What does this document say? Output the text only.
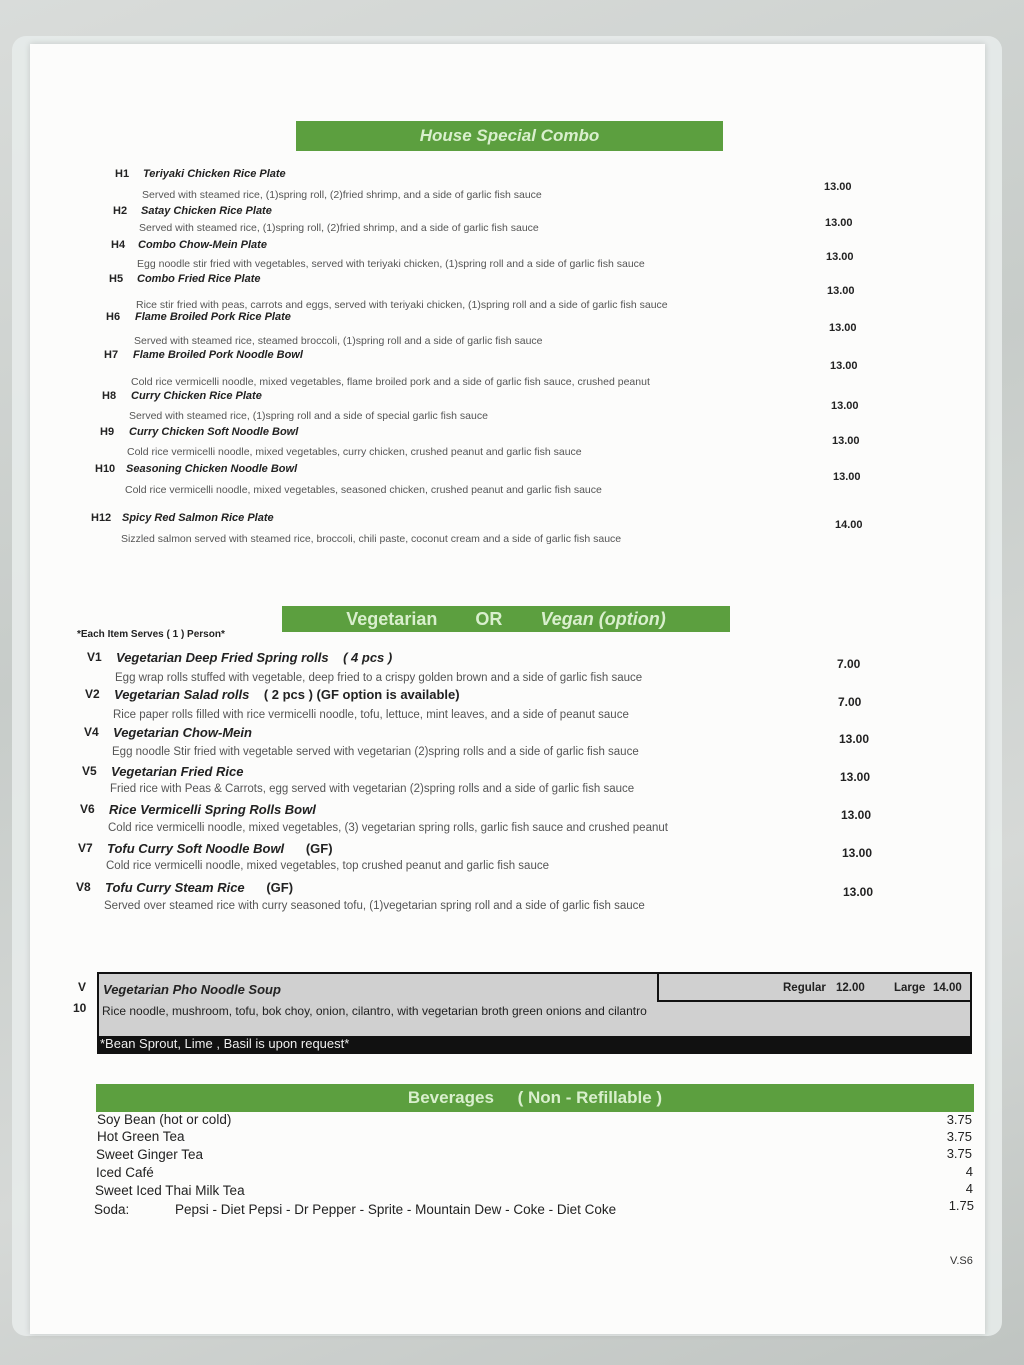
House Special Combo
H1 Teriyaki Chicken Rice Plate
Served with steamed rice, (1)spring roll, (2)fried shrimp, and a side of garlic fish sauce
13.00
H2 Satay Chicken Rice Plate
Served with steamed rice, (1)spring roll, (2)fried shrimp, and a side of garlic fish sauce	13.00
H4 Combo Chow-Mein Plate
Egg noodle stir fried with vegetables, served with teriyaki chicken, (1)spring roll and a side of garlic fish sauce
13.00
H5 Combo Fried Rice Plate
Rice stir fried with peas, carrots and eggs, served with teriyaki chicken, (1)spring roll and a side of garlic fish sauce
13.00
H6 Flame Broiled Pork Rice Plate
Served with steamed rice, steamed broccoli, (1)spring roll and a side of garlic fish sauce
13.00
H7 Flame Broiled Pork Noodle Bowl
Cold rice vermicelli noodle, mixed vegetables, flame broiled pork and a side of garlic fish sauce, crushed peanut
13.00
H8 Curry Chicken Rice Plate
Served with steamed rice, (1)spring roll and a side of special garlic fish sauce
13.00
H9 Curry Chicken Soft Noodle Bowl
Cold rice vermicelli noodle, mixed vegetables, curry chicken, crushed peanut and garlic fish sauce
13.00
H10 Seasoning Chicken Noodle Bowl
Cold rice vermicelli noodle, mixed vegetables, seasoned chicken, crushed peanut and garlic fish sauce
13.00
H12 Spicy Red Salmon Rice Plate
Sizzled salmon served with steamed rice, broccoli, chili paste, coconut cream and a side of garlic fish sauce
14.00
Vegetarian OR Vegan (option)
*Each Item Serves ( 1 ) Person*
V1 Vegetarian Deep Fried Spring rolls ( 4 pcs )
Egg wrap rolls stuffed with vegetable, deep fried to a crispy golden brown and a side of garlic fish sauce
7.00
V2 Vegetarian Salad rolls ( 2 pcs ) (GF option is available)
Rice paper rolls filled with rice vermicelli noodle, tofu, lettuce, mint leaves, and a side of peanut sauce
7.00
V4 Vegetarian Chow-Mein
Egg noodle Stir fried with vegetable served with vegetarian (2)spring rolls and a side of garlic fish sauce
13.00
V5 Vegetarian Fried Rice
Fried rice with Peas & Carrots, egg served with vegetarian (2)spring rolls and a side of garlic fish sauce
13.00
V6 Rice Vermicelli Spring Rolls Bowl
Cold rice vermicelli noodle, mixed vegetables, (3) vegetarian spring rolls, garlic fish sauce and crushed peanut
13.00
V7 Tofu Curry Soft Noodle Bowl (GF)
Cold rice vermicelli noodle, mixed vegetables, top crushed peanut and garlic fish sauce
13.00
V8 Tofu Curry Steam Rice (GF)
Served over steamed rice with curry seasoned tofu, (1)vegetarian spring roll and a side of garlic fish sauce
13.00
V
10
Vegetarian Pho Noodle Soup	Regular 12.00	Large 14.00
Rice noodle, mushroom, tofu, bok choy, onion, cilantro, with vegetarian broth green onions and cilantro
*Bean Sprout, Lime , Basil is upon request*
Beverages ( Non - Refillable )
Soy Bean (hot or cold)	3.75
Hot Green Tea	3.75
Sweet Ginger Tea	3.75
Iced Café	4
Sweet Iced Thai Milk Tea	4
Soda:	Pepsi - Diet Pepsi - Dr Pepper - Sprite - Mountain Dew - Coke - Diet Coke	1.75
V.S6
